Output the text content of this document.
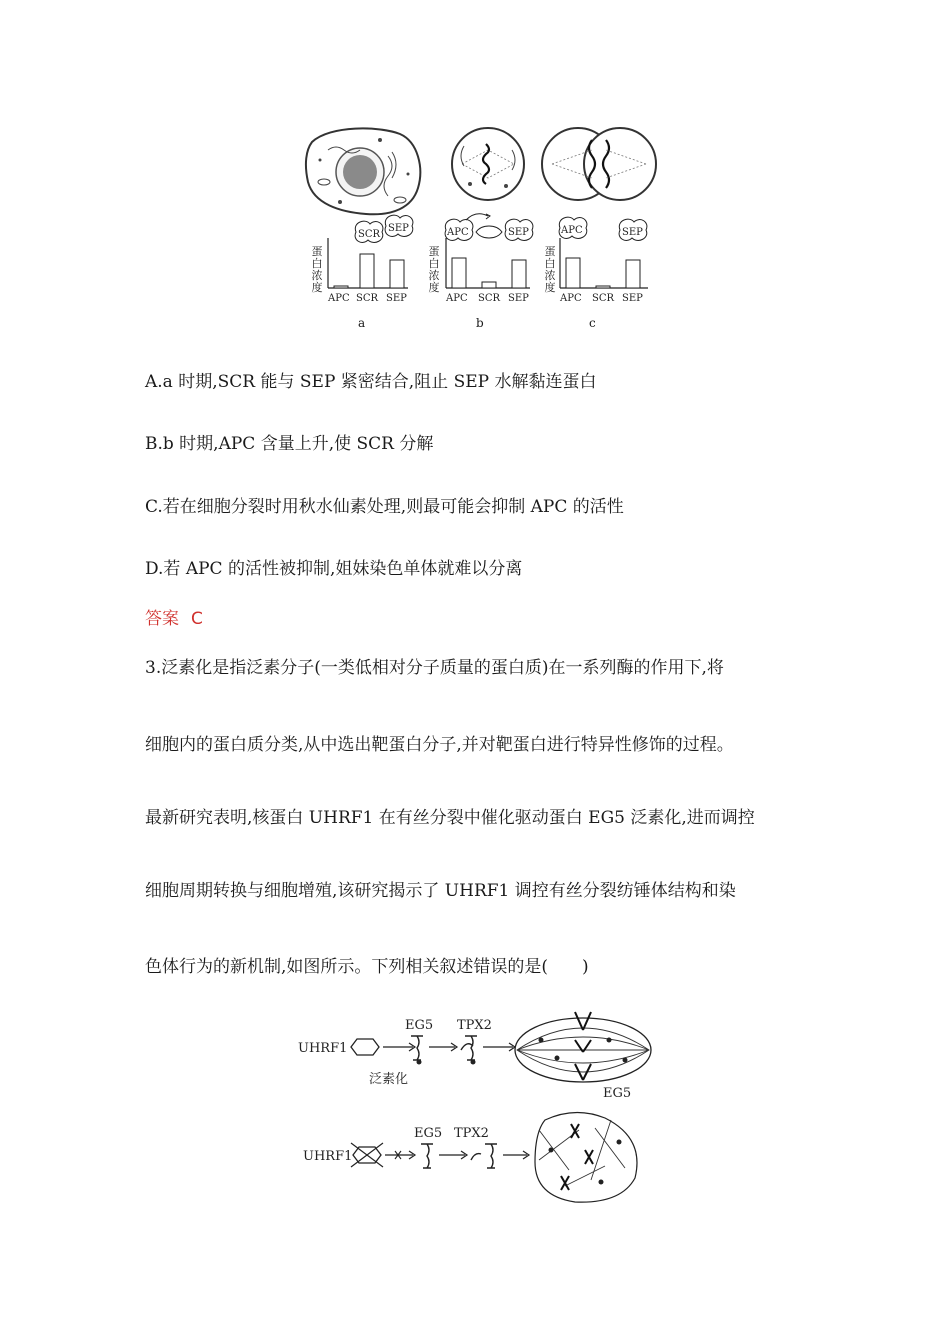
SCR
SEP
APC SCR SEP
APC	SEP
APC SCR SEP
APC	SEP
APC SCR SEP
蛋白浓度
蛋白浓度
蛋白浓度
a	b	c
A.a 时期,SCR 能与 SEP 紧密结合,阻止 SEP 水解黏连蛋白
B.b 时期,APC 含量上升,使 SCR 分解
C.若在细胞分裂时用秋水仙素处理,则最可能会抑制 APC 的活性
D.若 APC 的活性被抑制,姐妹染色单体就难以分离
答案 C
3.泛素化是指泛素分子(一类低相对分子质量的蛋白质)在一系列酶的作用下,将
细胞内的蛋白质分类,从中选出靶蛋白分子,并对靶蛋白进行特异性修饰的过程。
最新研究表明,核蛋白 UHRF1 在有丝分裂中催化驱动蛋白 EG5 泛素化,进而调控
细胞周期转换与细胞增殖,该研究揭示了 UHRF1 调控有丝分裂纺锤体结构和染
色体行为的新机制,如图所示。下列相关叙述错误的是(　　)
UHRF1
EG5
泛素化
TPX2
EG5
UHRF1
EG5 TPX2
